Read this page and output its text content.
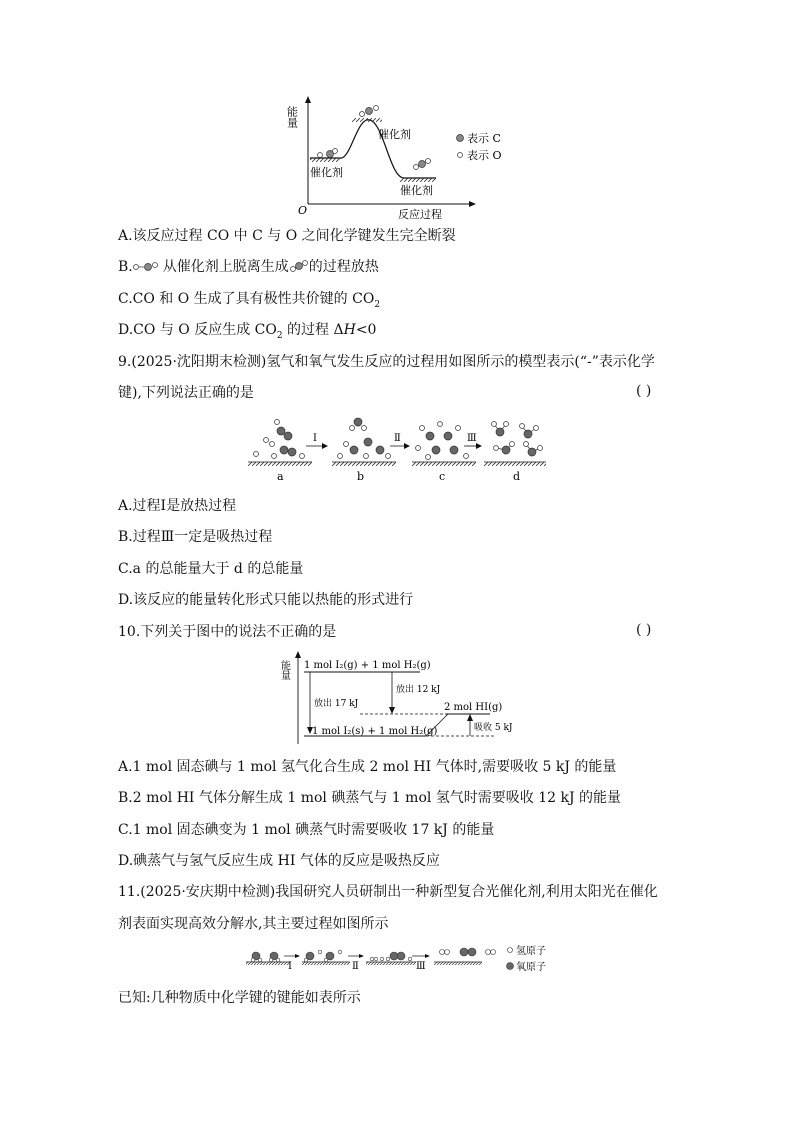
能量
O	反应过程
催化剂
催化剂
催化剂
表示 C
表示 O
A.该反应过程 CO 中 C 与 O 之间化学键发生完全断裂
B. 从催化剂上脱离生成 的过程放热
C.CO 和 O 生成了具有极性共价键的 $CO_2$
D.CO 与 O 反应生成 $CO_2$ 的过程 ΔH<0
9.(2025·沈阳期末检测)氢气和氧气发生反应的过程用如图所示的模型表示(“-”表示化学
键),下列说法正确的是	( )
Ⅰ	Ⅱ	Ⅲ
a	b	c	d
A.过程Ⅰ是放热过程
B.过程Ⅲ一定是吸热过程
C.a 的总能量大于 d 的总能量
D.该反应的能量转化形式只能以热能的形式进行
10.下列关于图中的说法不正确的是	( )
能量 1 mol I₂(g) + 1 mol H₂(g)
放出 17 kJ
放出 12 kJ
2 mol HI(g)
1 mol I₂(s) + 1 mol H₂(g)	吸收 5 kJ
A.1 mol 固态碘与 1 mol 氢气化合生成 2 mol HI 气体时,需要吸收 5 kJ 的能量
B.2 mol HI 气体分解生成 1 mol 碘蒸气与 1 mol 氢气时需要吸收 12 kJ 的能量
C.1 mol 固态碘变为 1 mol 碘蒸气时需要吸收 17 kJ 的能量
D.碘蒸气与氢气反应生成 HI 气体的反应是吸热反应
11.(2025·安庆期中检测)我国研究人员研制出一种新型复合光催化剂,利用太阳光在催化
剂表面实现高效分解水,其主要过程如图所示
Ⅰ	Ⅱ	Ⅲ
氢原子
氧原子
已知:几种物质中化学键的键能如表所示
